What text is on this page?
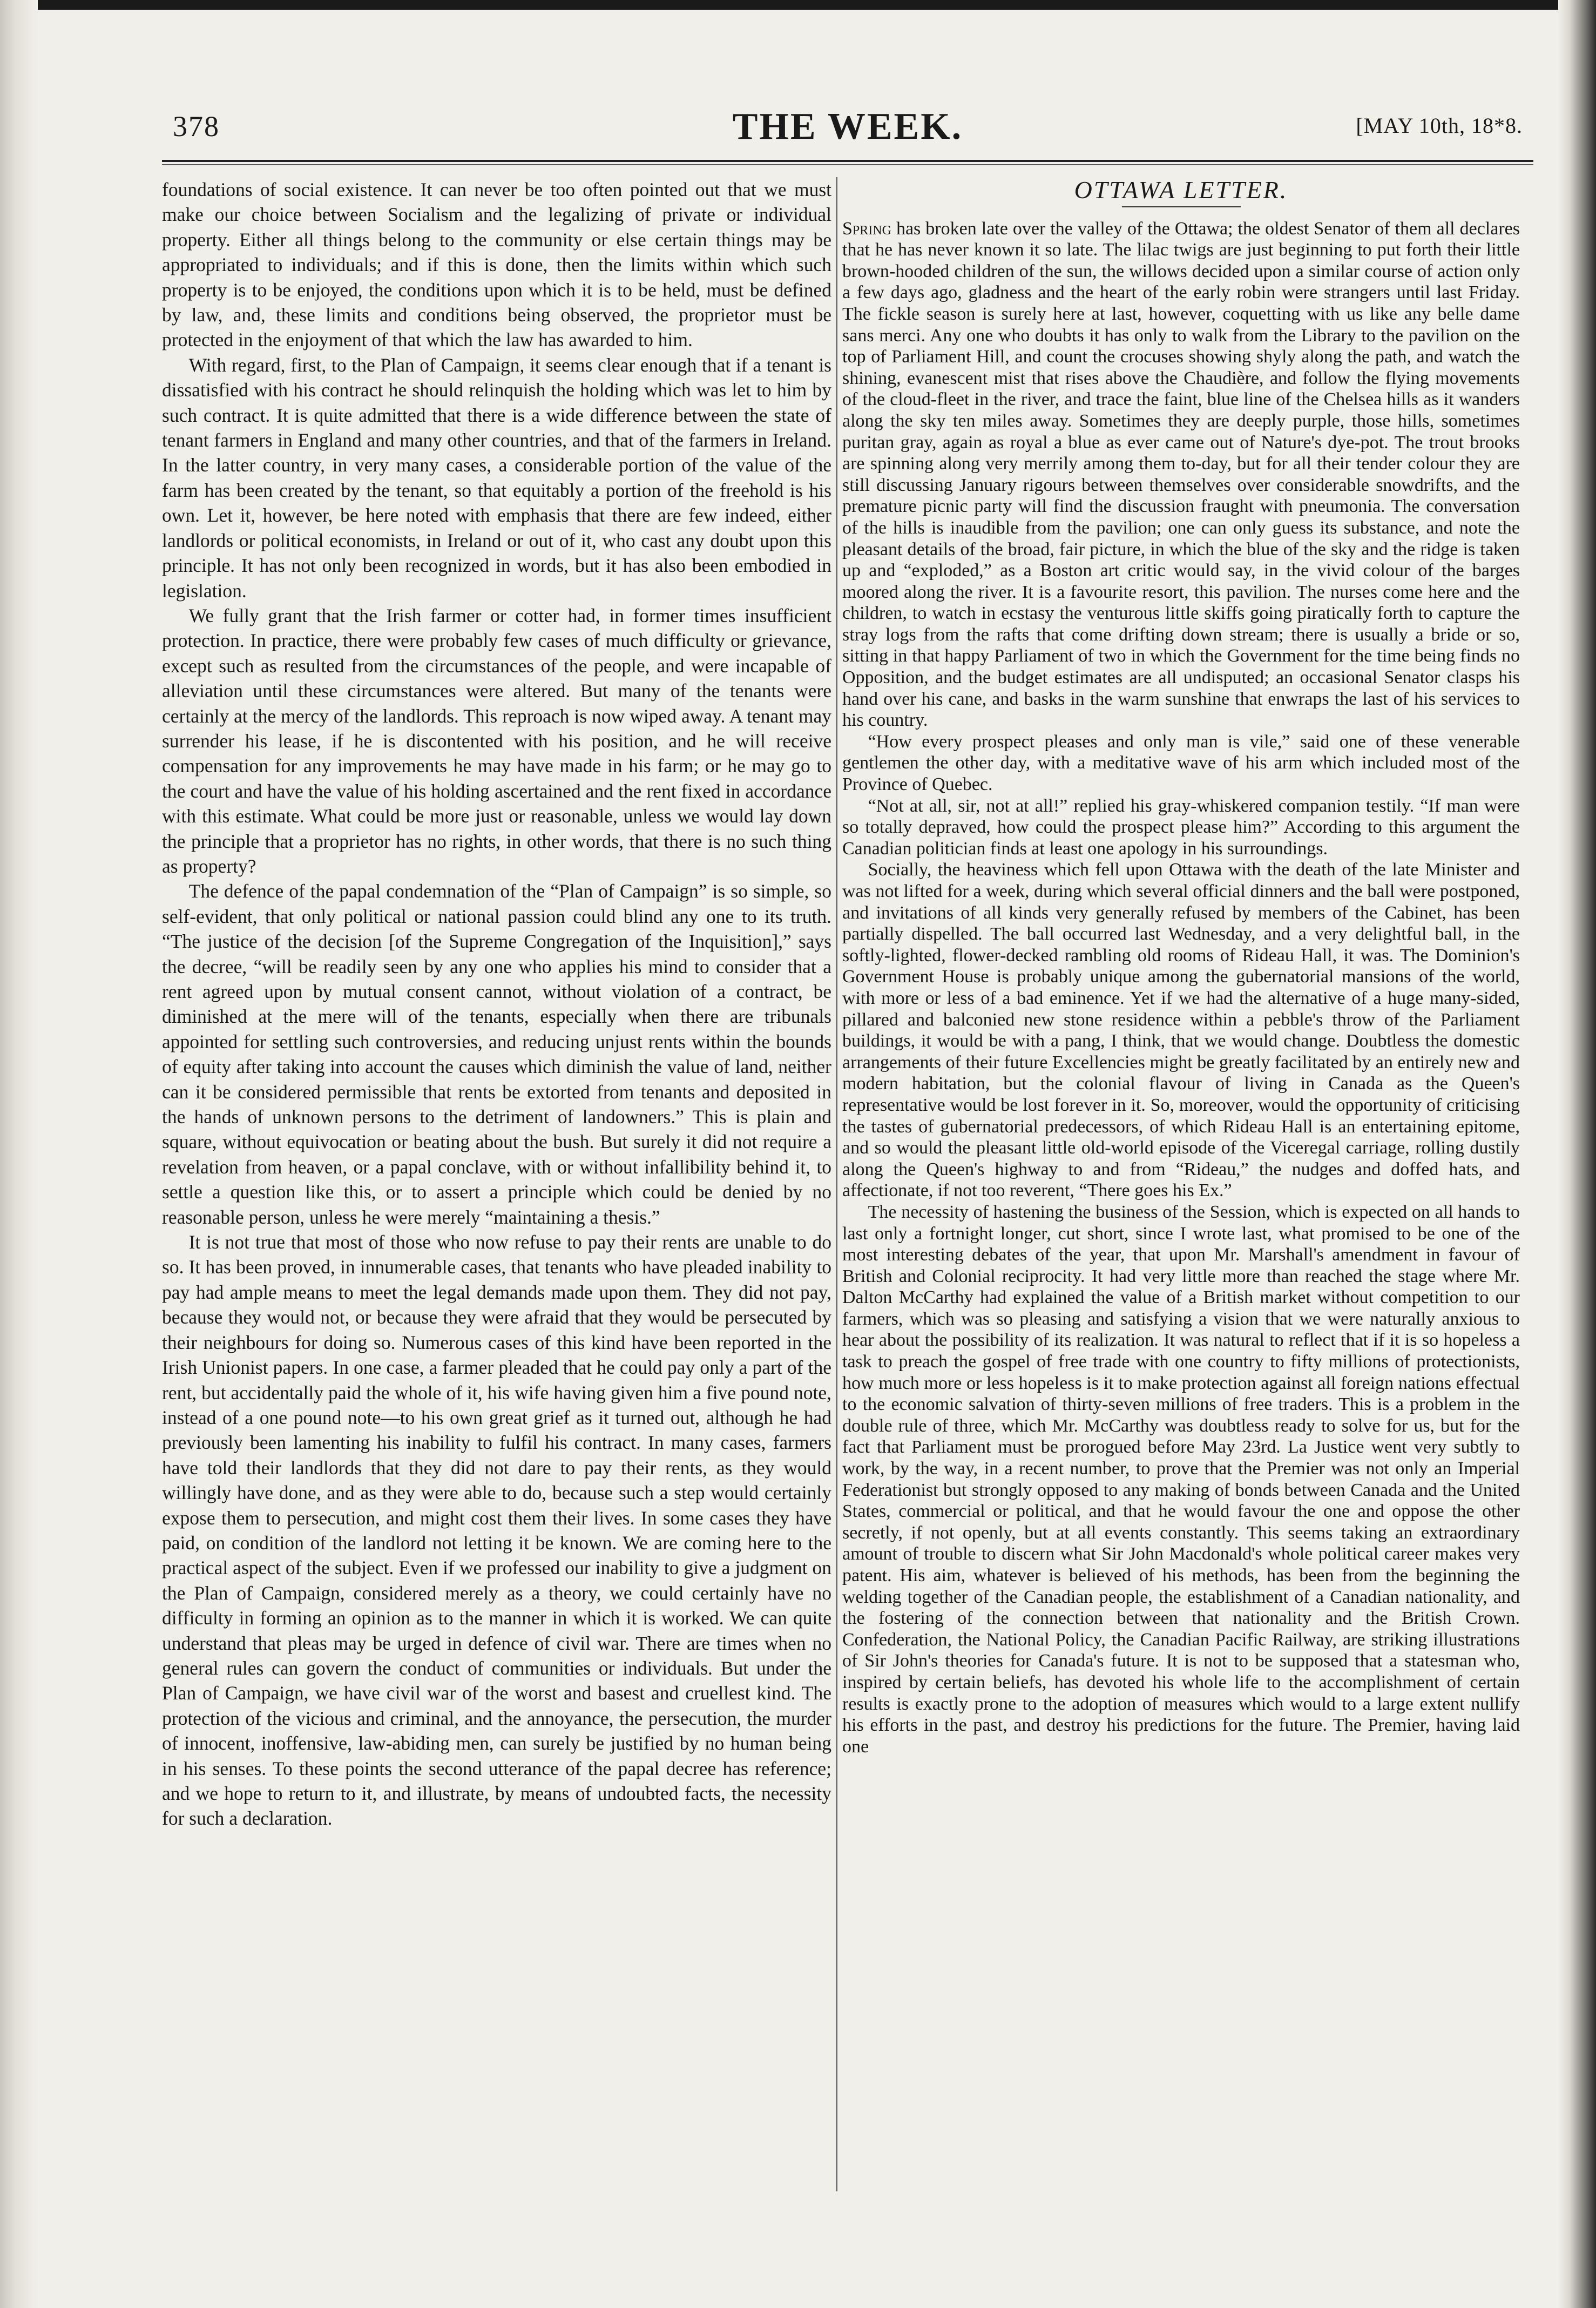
378	THE WEEK.	[MAY 10th, 18*8.

foundations of social existence. It can never be too often pointed out that we must make our choice between Socialism and the legalizing of private or individual property. Either all things belong to the community or else certain things may be appropriated to individuals; and if this is done, then the limits within which such property is to be enjoyed, the conditions upon which it is to be held, must be defined by law, and, these limits and conditions being observed, the proprietor must be protected in the enjoyment of that which the law has awarded to him.

With regard, first, to the Plan of Campaign, it seems clear enough that if a tenant is dissatisfied with his contract he should relinquish the holding which was let to him by such contract. It is quite admitted that there is a wide difference between the state of tenant farmers in England and many other countries, and that of the farmers in Ireland. In the latter country, in very many cases, a considerable portion of the value of the farm has been created by the tenant, so that equitably a portion of the freehold is his own. Let it, however, be here noted with emphasis that there are few indeed, either landlords or political economists, in Ireland or out of it, who cast any doubt upon this principle. It has not only been recognized in words, but it has also been embodied in legislation.

We fully grant that the Irish farmer or cotter had, in former times insufficient protection. In practice, there were probably few cases of much difficulty or grievance, except such as resulted from the circumstances of the people, and were incapable of alleviation until these circumstances were altered. But many of the tenants were certainly at the mercy of the landlords. This reproach is now wiped away. A tenant may surrender his lease, if he is discontented with his position, and he will receive compensation for any improvements he may have made in his farm; or he may go to the court and have the value of his holding ascertained and the rent fixed in accordance with this estimate. What could be more just or reasonable, unless we would lay down the principle that a proprietor has no rights, in other words, that there is no such thing as property?

The defence of the papal condemnation of the “Plan of Campaign” is so simple, so self-evident, that only political or national passion could blind any one to its truth. “The justice of the decision [of the Supreme Congregation of the Inquisition],” says the decree, “will be readily seen by any one who applies his mind to consider that a rent agreed upon by mutual consent cannot, without violation of a contract, be diminished at the mere will of the tenants, especially when there are tribunals appointed for settling such controversies, and reducing unjust rents within the bounds of equity after taking into account the causes which diminish the value of land, neither can it be considered permissible that rents be extorted from tenants and deposited in the hands of unknown persons to the detriment of landowners.” This is plain and square, without equivocation or beating about the bush. But surely it did not require a revelation from heaven, or a papal conclave, with or without infallibility behind it, to settle a question like this, or to assert a principle which could be denied by no reasonable person, unless he were merely “maintaining a thesis.”

It is not true that most of those who now refuse to pay their rents are unable to do so. It has been proved, in innumerable cases, that tenants who have pleaded inability to pay had ample means to meet the legal demands made upon them. They did not pay, because they would not, or because they were afraid that they would be persecuted by their neighbours for doing so. Numerous cases of this kind have been reported in the Irish Unionist papers. In one case, a farmer pleaded that he could pay only a part of the rent, but accidentally paid the whole of it, his wife having given him a five pound note, instead of a one pound note—to his own great grief as it turned out, although he had previously been lamenting his inability to fulfil his contract. In many cases, farmers have told their landlords that they did not dare to pay their rents, as they would willingly have done, and as they were able to do, because such a step would certainly expose them to persecution, and might cost them their lives. In some cases they have paid, on condition of the landlord not letting it be known. We are coming here to the practical aspect of the subject. Even if we professed our inability to give a judgment on the Plan of Campaign, considered merely as a theory, we could certainly have no difficulty in forming an opinion as to the manner in which it is worked. We can quite understand that pleas may be urged in defence of civil war. There are times when no general rules can govern the conduct of communities or individuals. But under the Plan of Campaign, we have civil war of the worst and basest and cruellest kind. The protection of the vicious and criminal, and the annoyance, the persecution, the murder of innocent, inoffensive, law-abiding men, can surely be justified by no human being in his senses. To these points the second utterance of the papal decree has reference; and we hope to return to it, and illustrate, by means of undoubted facts, the necessity for such a declaration.

OTTAWA LETTER.

Spring has broken late over the valley of the Ottawa; the oldest Senator of them all declares that he has never known it so late. The lilac twigs are just beginning to put forth their little brown-hooded children of the sun, the willows decided upon a similar course of action only a few days ago, gladness and the heart of the early robin were strangers until last Friday. The fickle season is surely here at last, however, coquetting with us like any belle dame sans merci. Any one who doubts it has only to walk from the Library to the pavilion on the top of Parliament Hill, and count the crocuses showing shyly along the path, and watch the shining, evanescent mist that rises above the Chaudière, and follow the flying movements of the cloud-fleet in the river, and trace the faint, blue line of the Chelsea hills as it wanders along the sky ten miles away. Sometimes they are deeply purple, those hills, sometimes puritan gray, again as royal a blue as ever came out of Nature's dye-pot. The trout brooks are spinning along very merrily among them to-day, but for all their tender colour they are still discussing January rigours between themselves over considerable snowdrifts, and the premature picnic party will find the discussion fraught with pneumonia. The conversation of the hills is inaudible from the pavilion; one can only guess its substance, and note the pleasant details of the broad, fair picture, in which the blue of the sky and the ridge is taken up and “exploded,” as a Boston art critic would say, in the vivid colour of the barges moored along the river. It is a favourite resort, this pavilion. The nurses come here and the children, to watch in ecstasy the venturous little skiffs going piratically forth to capture the stray logs from the rafts that come drifting down stream; there is usually a bride or so, sitting in that happy Parliament of two in which the Government for the time being finds no Opposition, and the budget estimates are all undisputed; an occasional Senator clasps his hand over his cane, and basks in the warm sunshine that enwraps the last of his services to his country.

“How every prospect pleases and only man is vile,” said one of these venerable gentlemen the other day, with a meditative wave of his arm which included most of the Province of Quebec.

“Not at all, sir, not at all!” replied his gray-whiskered companion testily. “If man were so totally depraved, how could the prospect please him?” According to this argument the Canadian politician finds at least one apology in his surroundings.

Socially, the heaviness which fell upon Ottawa with the death of the late Minister and was not lifted for a week, during which several official dinners and the ball were postponed, and invitations of all kinds very generally refused by members of the Cabinet, has been partially dispelled. The ball occurred last Wednesday, and a very delightful ball, in the softly-lighted, flower-decked rambling old rooms of Rideau Hall, it was. The Dominion's Government House is probably unique among the gubernatorial mansions of the world, with more or less of a bad eminence. Yet if we had the alternative of a huge many-sided, pillared and balconied new stone residence within a pebble's throw of the Parliament buildings, it would be with a pang, I think, that we would change. Doubtless the domestic arrangements of their future Excellencies might be greatly facilitated by an entirely new and modern habitation, but the colonial flavour of living in Canada as the Queen's representative would be lost forever in it. So, moreover, would the opportunity of criticising the tastes of gubernatorial predecessors, of which Rideau Hall is an entertaining epitome, and so would the pleasant little old-world episode of the Viceregal carriage, rolling dustily along the Queen's highway to and from “Rideau,” the nudges and doffed hats, and affectionate, if not too reverent, “There goes his Ex.”

The necessity of hastening the business of the Session, which is expected on all hands to last only a fortnight longer, cut short, since I wrote last, what promised to be one of the most interesting debates of the year, that upon Mr. Marshall's amendment in favour of British and Colonial reciprocity. It had very little more than reached the stage where Mr. Dalton McCarthy had explained the value of a British market without competition to our farmers, which was so pleasing and satisfying a vision that we were naturally anxious to hear about the possibility of its realization. It was natural to reflect that if it is so hopeless a task to preach the gospel of free trade with one country to fifty millions of protectionists, how much more or less hopeless is it to make protection against all foreign nations effectual to the economic salvation of thirty-seven millions of free traders. This is a problem in the double rule of three, which Mr. McCarthy was doubtless ready to solve for us, but for the fact that Parliament must be prorogued before May 23rd. La Justice went very subtly to work, by the way, in a recent number, to prove that the Premier was not only an Imperial Federationist but strongly opposed to any making of bonds between Canada and the United States, commercial or political, and that he would favour the one and oppose the other secretly, if not openly, but at all events constantly. This seems taking an extraordinary amount of trouble to discern what Sir John Macdonald's whole political career makes very patent. His aim, whatever is believed of his methods, has been from the beginning the welding together of the Canadian people, the establishment of a Canadian nationality, and the fostering of the connection between that nationality and the British Crown. Confederation, the National Policy, the Canadian Pacific Railway, are striking illustrations of Sir John's theories for Canada's future. It is not to be supposed that a statesman who, inspired by certain beliefs, has devoted his whole life to the accomplishment of certain results is exactly prone to the adoption of measures which would to a large extent nullify his efforts in the past, and destroy his predictions for the future. The Premier, having laid one
